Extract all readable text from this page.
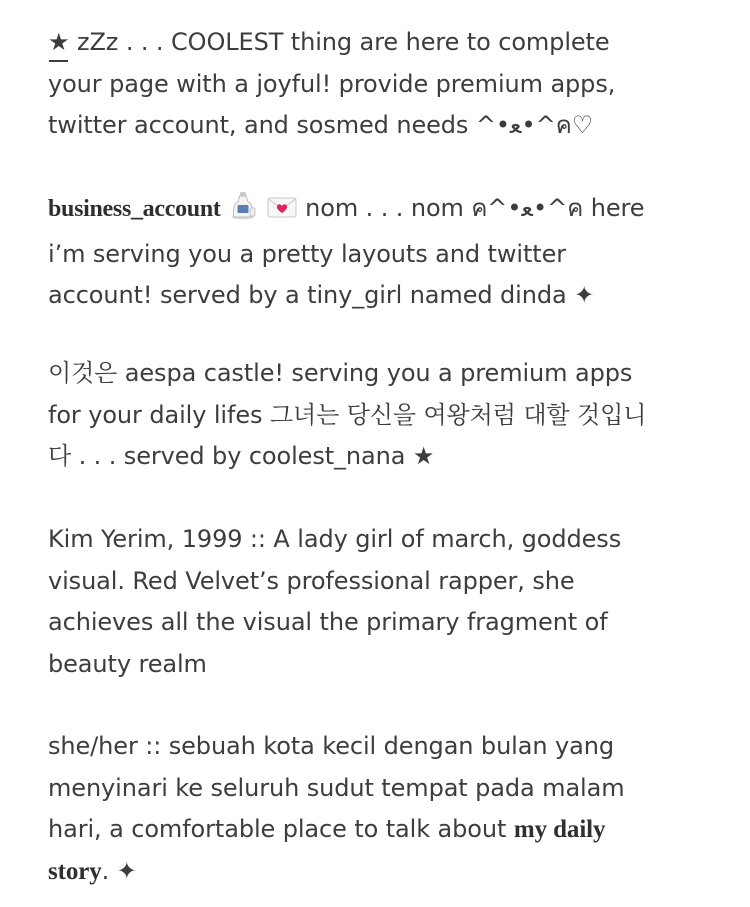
★ zZz . . . COOLEST thing are here to complete
your page with a joyful! provide premium apps,
twitter account, and sosmed needs ^•ﻌ•^ค♡

business_account	nom . . . nom ค^•ﻌ•^ค here
i’m serving you a pretty layouts and twitter
account! served by a tiny_girl named dinda ✦

이것은 aespa castle! serving you a premium apps
for your daily lifes 그녀는 당신을 여왕처럼 대할 것입니
다 . . . served by coolest_nana ★

Kim Yerim, 1999 :: A lady girl of march, goddess
visual. Red Velvet’s professional rapper, she
achieves all the visual the primary fragment of
beauty realm

she/her :: sebuah kota kecil dengan bulan yang
menyinari ke seluruh sudut tempat pada malam
hari, a comfortable place to talk about my daily
story. ✦
